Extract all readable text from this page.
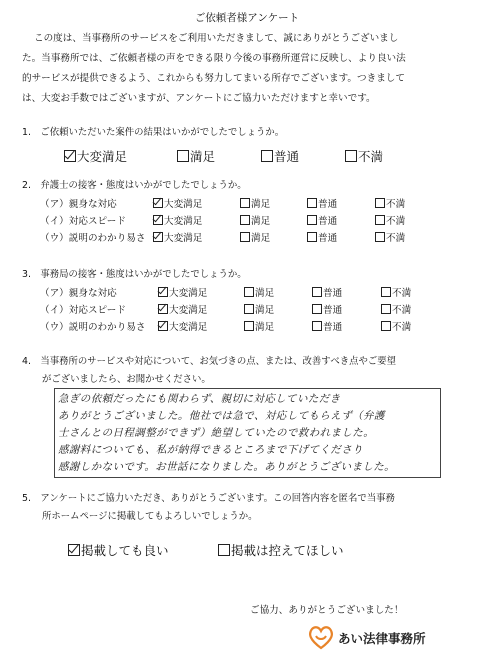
ご依頼者様アンケート
この度は、当事務所のサービスをご利用いただきまして、誠にありがとうございまし
た。当事務所では、ご依頼者様の声をできる限り今後の事務所運営に反映し、より良い法
的サービスが提供できるよう、これからも努力してまいる所存でございます。つきまして
は、大変お手数ではございますが、アンケートにご協力いただけますと幸いです。
1.　ご依頼いただいた案件の結果はいかがでしたでしょうか。
大変満足	満足	普通	不満
2.　弁護士の接客・態度はいかがでしたでしょうか。
（ア）親身な対応	大変満足	満足	普通	不満
（イ）対応スピード	大変満足	満足	普通	不満
（ウ）説明のわかり易さ	大変満足	満足	普通	不満
3.　事務局の接客・態度はいかがでしたでしょうか。
（ア）親身な対応	大変満足	満足	普通	不満
（イ）対応スピード	大変満足	満足	普通	不満
（ウ）説明のわかり易さ	大変満足	満足	普通	不満
4.　当事務所のサービスや対応について、お気づきの点、または、改善すべき点やご要望
がございましたら、お聞かせください。
急ぎの依頼だったにも関わらず、親切に対応していただき
ありがとうございました。他社では急で、対応してもらえず（弁護
士さんとの日程調整ができず）絶望していたので救われました。
感謝料についても、私が納得できるところまで下げてくださり
感謝しかないです。お世話になりました。ありがとうございました。
5.　アンケートにご協力いただき、ありがとうございます。この回答内容を匿名で当事務
所ホームページに掲載してもよろしいでしょうか。
掲載しても良い	掲載は控えてほしい
ご協力、ありがとうございました！
あい法律事務所
